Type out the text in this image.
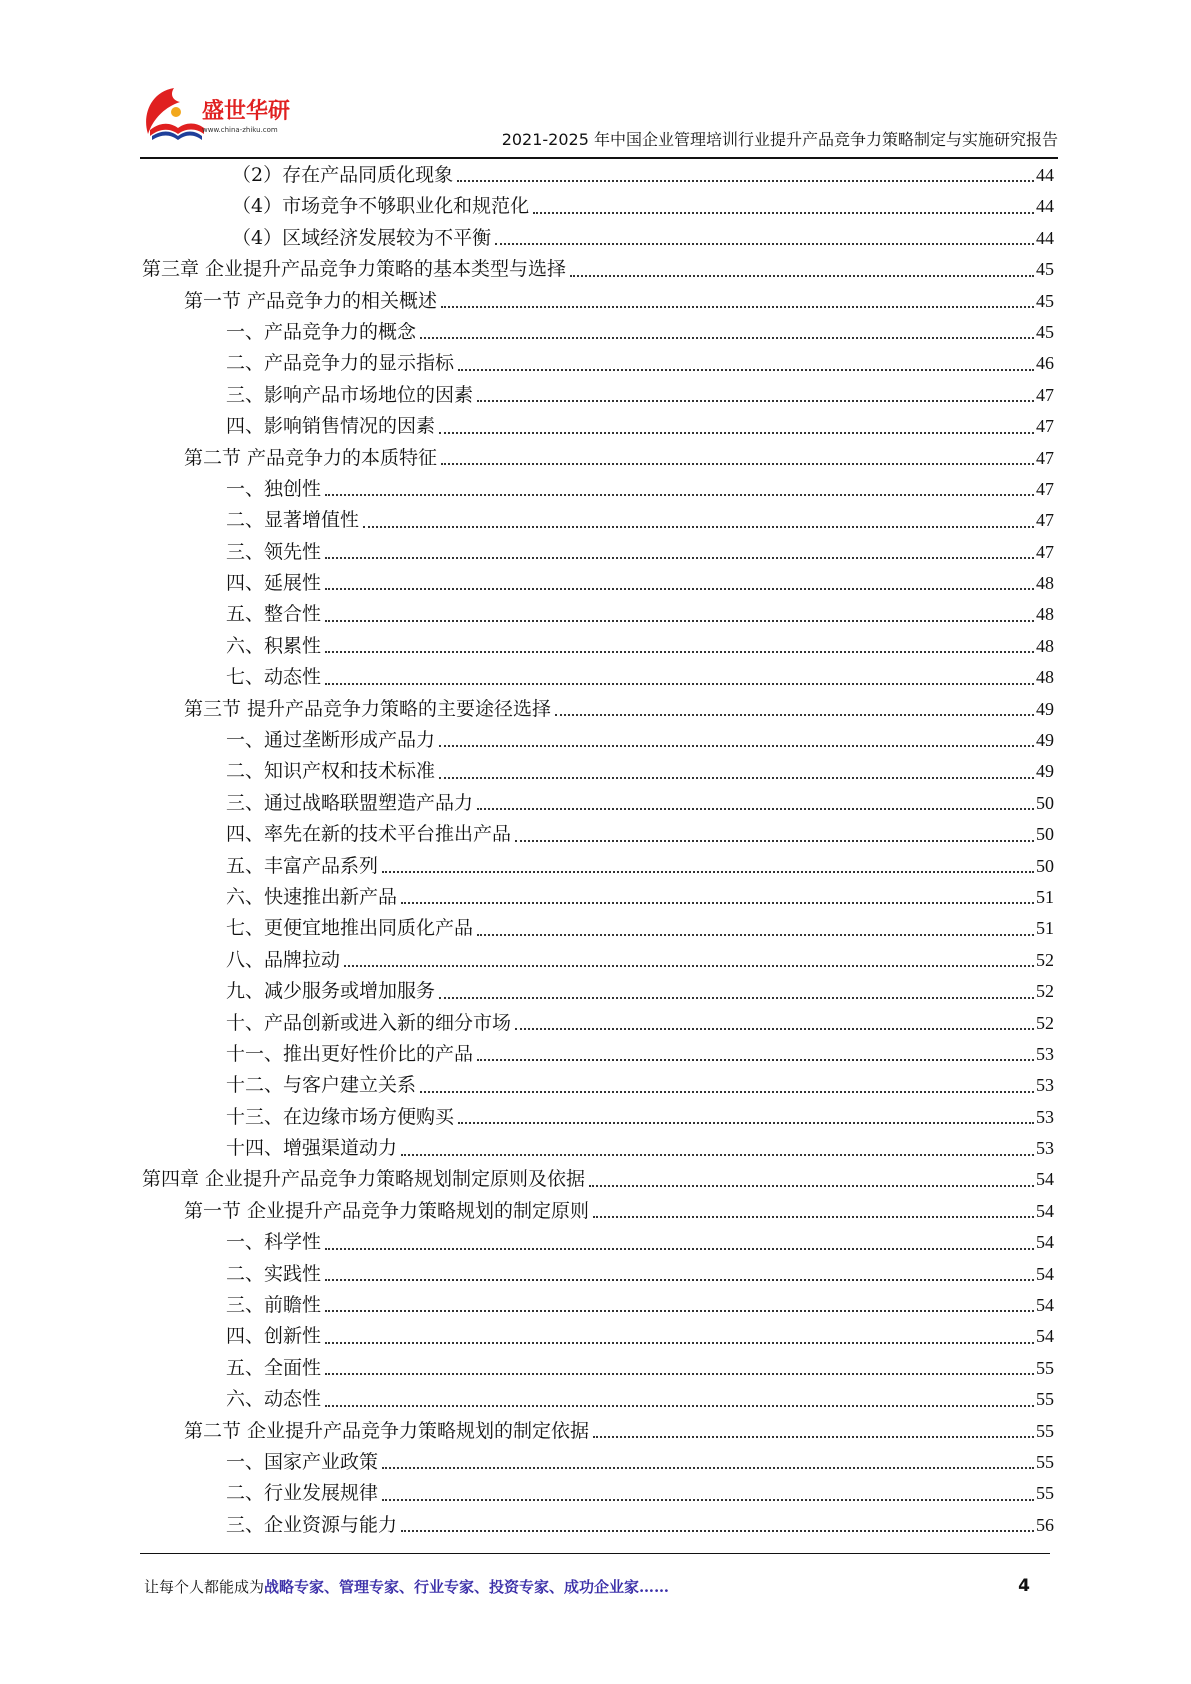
盛世华研
www.china-zhiku.com	2021-2025 年中国企业管理培训行业提升产品竞争力策略制定与实施研究报告
（2）存在产品同质化现象	44
（4）市场竞争不够职业化和规范化	44
（4）区域经济发展较为不平衡	44
第三章 企业提升产品竞争力策略的基本类型与选择	45
第一节 产品竞争力的相关概述	45
一、产品竞争力的概念	45
二、产品竞争力的显示指标	46
三、影响产品市场地位的因素	47
四、影响销售情况的因素	47
第二节 产品竞争力的本质特征	47
一、独创性	47
二、显著增值性	47
三、领先性	47
四、延展性	48
五、整合性	48
六、积累性	48
七、动态性	48
第三节 提升产品竞争力策略的主要途径选择	49
一、通过垄断形成产品力	49
二、知识产权和技术标准	49
三、通过战略联盟塑造产品力	50
四、率先在新的技术平台推出产品	50
五、丰富产品系列	50
六、快速推出新产品	51
七、更便宜地推出同质化产品	51
八、品牌拉动	52
九、减少服务或增加服务	52
十、产品创新或进入新的细分市场	52
十一、推出更好性价比的产品	53
十二、与客户建立关系	53
十三、在边缘市场方便购买	53
十四、增强渠道动力	53
第四章 企业提升产品竞争力策略规划制定原则及依据	54
第一节 企业提升产品竞争力策略规划的制定原则	54
一、科学性	54
二、实践性	54
三、前瞻性	54
四、创新性	54
五、全面性	55
六、动态性	55
第二节 企业提升产品竞争力策略规划的制定依据	55
一、国家产业政策	55
二、行业发展规律	55
三、企业资源与能力	56
让每个人都能成为战略专家、管理专家、行业专家、投资专家、成功企业家……	4
